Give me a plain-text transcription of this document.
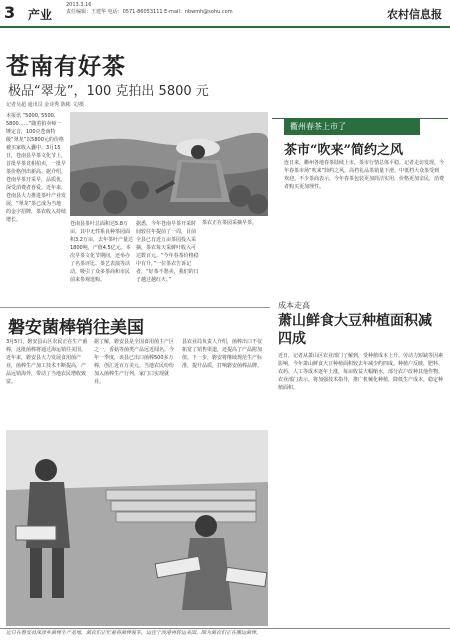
3 产业
2013.3.16
责任编辑：王建华 电话：0571-86053111 E-mail：nbwmh@sohu.com	农村信息报
苍南有好茶
极品“翠龙”，100 克拍出 5800 元
记者吴超 通讯员 金诗秀 陈彬 文/摄
本报讯 “5000, 5500, 5800……”随着拍卖师一锤定音，100克苍南特级“翠龙”以5800元的价格被买家收入囊中。3月15日，苍南县早茶文化节上，首批早茶竞相拍卖，一批早茶价格创出新高。据介绍，苍南早茶开采早，品质优，深受消费者喜爱。近年来，苍南县大力推进茶叶产业发展，“翠龙”茶已成为当地的金字招牌，茶农收入持续增长。
苍南县茶叶总面积达5.8万亩，其中无性系良种茶园面积3.2万亩，去年茶叶产量达1800吨，产值4.5亿元。本次早茶文化节期间，还举办了名茶评比、茶艺表演等活动，吸引了众多茶商和市民前来参观选购。
据悉，今年苍南早茶开采时间较往年提前了一周，目前全县已有近万亩茶园投入采摘，茶农每天采鲜叶收入可达数百元。“今年春茶价格稳中有升，”一位茶农告诉记者，“好茶不愁卖，我们的日子越过越红火。”
茶农正在茶园采摘早茶。
磐安菌棒销往美国
3月5日，磐安县山区农民正在生产菌棒，这批菌棒将通过海运销往美国。近年来，磐安县大力发展食用菌产业，菌棒生产加工技术不断提高，产品远销海外，带动了当地农民增收致富。
据了解，磐安县是全国食用菌主产区之一，香菇等菌类产品远近闻名。今年一季度，该县已出口菌棒500多万棒，创汇近百万美元。当地农民纷纷加入菌棒生产行列，家门口实现就业。
县农业局负责人介绍，菌棒出口不仅拓宽了销售渠道，还提高了产品附加值。下一步，磐安将继续规范生产标准，提升品质，打响磐安菌棒品牌。
衢州春茶上市了
茶市“吹来”简约之风
连日来，衢州各地春茶陆续上市，茶市行情总体平稳。记者走访发现，今年春茶市场“吹来”简约之风，高档礼品茶销量下滑，中低档大众茶受到欢迎。不少茶商表示，今年春茶包装更加简洁实用，价格更加亲民，消费者购买更加理性。
成本走高
萧山鲜食大豆种植面积减四成
近日，记者从萧山区农业部门了解到，受种植成本上升、劳动力短缺等因素影响，今年萧山鲜食大豆种植面积较去年减少约四成。种植户反映，肥料、农药、人工等成本逐年上涨，每亩收益大幅缩水，部分农户改种其他作物。农业部门表示，将加强技术指导，推广机械化种植，降低生产成本，稳定种植面积。
近日在磐安县深泽乡菌棒生产基地，菌农们正忙着将菌棒装车，运往宁波港再转运美国。图为菌农们正在搬运菌棒。
